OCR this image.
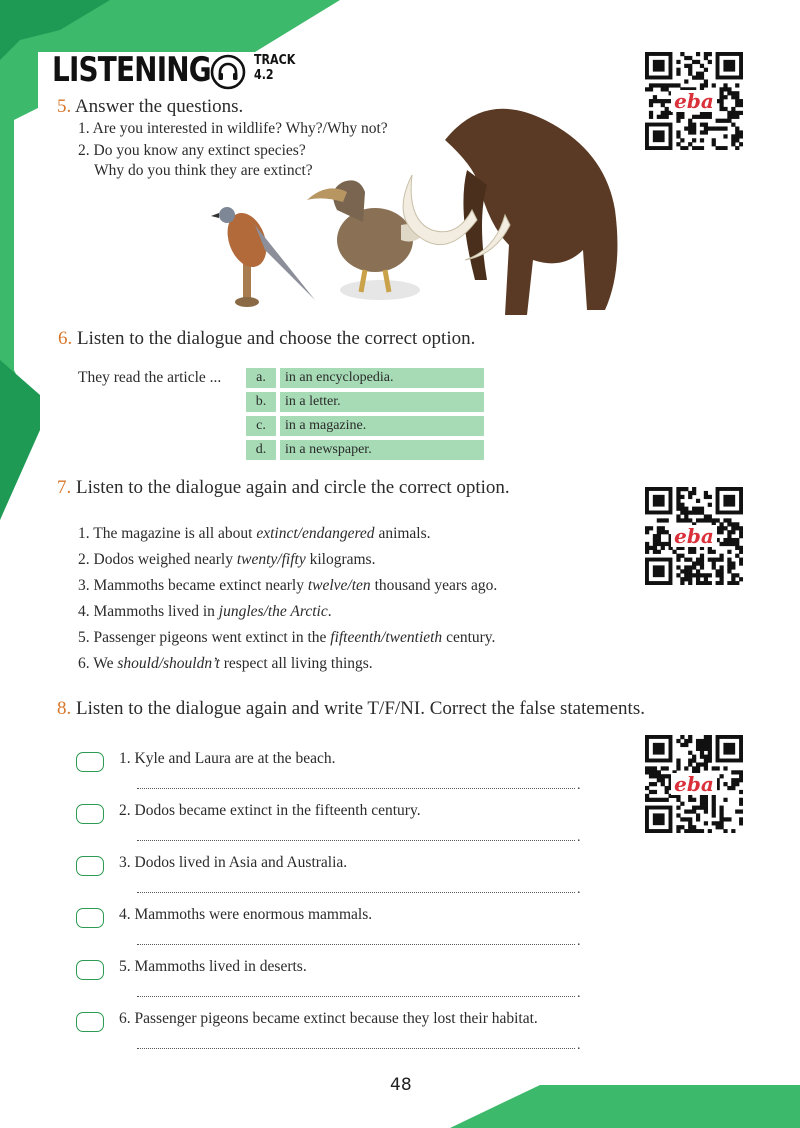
LISTENING	TRACK
4.2
eba
eba
eba
5. Answer the questions.
1. Are you interested in wildlife? Why?/Why not?
2. Do you know any extinct species?
Why do you think they are extinct?
6. Listen to the dialogue and choose the correct option.
They read the article ...	a.	in an encyclopedia.
b.	in a letter.
c.	in a magazine.
d.	in a newspaper.
7. Listen to the dialogue again and circle the correct option.
1. The magazine is all about extinct/endangered animals.
2. Dodos weighed nearly twenty/fifty kilograms.
3. Mammoths became extinct nearly twelve/ten thousand years ago.
4. Mammoths lived in jungles/the Arctic.
5. Passenger pigeons went extinct in the fifteenth/twentieth century.
6. We should/shouldn’t respect all living things.
8. Listen to the dialogue again and write T/F/NI. Correct the false statements.
1. Kyle and Laura are at the beach.
.
2. Dodos became extinct in the fifteenth century.
.
3. Dodos lived in Asia and Australia.
.
4. Mammoths were enormous mammals.
.
5. Mammoths lived in deserts.
.
6. Passenger pigeons became extinct because they lost their habitat.
.
48
